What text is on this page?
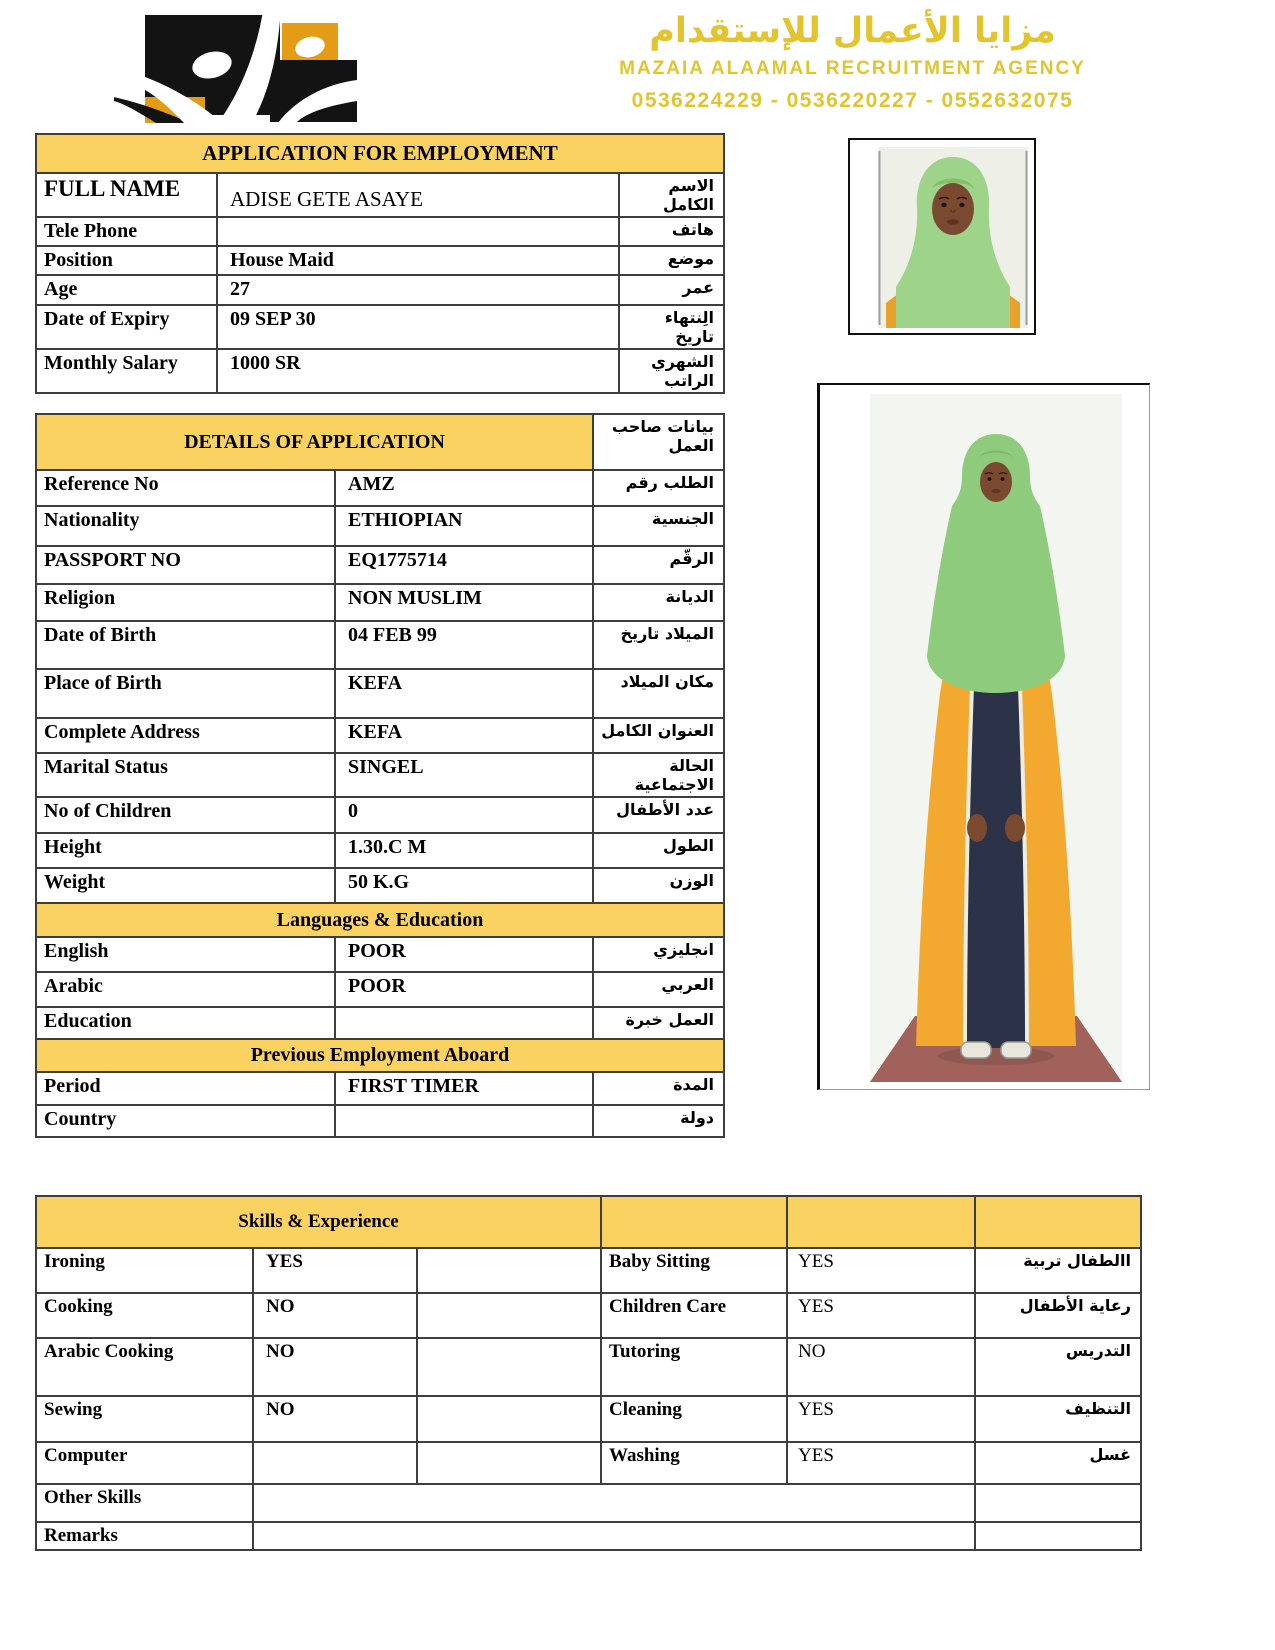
مزايا الأعمال للإستقدام
MAZAIA ALAAMAL RECRUITMENT AGENCY
0536224229 - 0536220227 - 0552632075
APPLICATION FOR EMPLOYMENT		
FULL NAME	ADISE GETE ASAYE	الاسم الكامل
Tele Phone		هاتف
Position	House Maid	موضع
Age	27	عمر
Date of Expiry	09 SEP 30	الِنتهاء تاريخ
Monthly Salary	1000 SR	الشهري الراتب
DETAILS OF APPLICATION		بيانات صاحب العمل
Reference No	AMZ	الطلب رقم
Nationality	ETHIOPIAN	الجنسية
PASSPORT NO	EQ1775714	الرقّم
Religion	NON MUSLIM	الديانة
Date of Birth	04 FEB 99	الميلاد تاريخ
Place of Birth	KEFA	مكان الميلاد
Complete Address	KEFA	العنوان الكامل
Marital Status	SINGEL	الحالة الاجتماعية
No of Children	0	عدد الأطفال
Height	1.30.C M	الطول
Weight	50 K.G	الوزن
Languages & Education		
English	POOR	انجليزي
Arabic	POOR	العربي
Education		العمل خبرة
Previous Employment Aboard		
Period	FIRST TIMER	المدة
Country		دولة
Skills & Experience					
Ironing	YES		Baby Sitting	YES	االطفال تربية
Cooking	NO		Children Care	YES	رعاية الأطفال
Arabic Cooking	NO		Tutoring	NO	التدريس
Sewing	NO		Cleaning	YES	التنظيف
Computer			Washing	YES	غسل
Other Skills					
Remarks					
